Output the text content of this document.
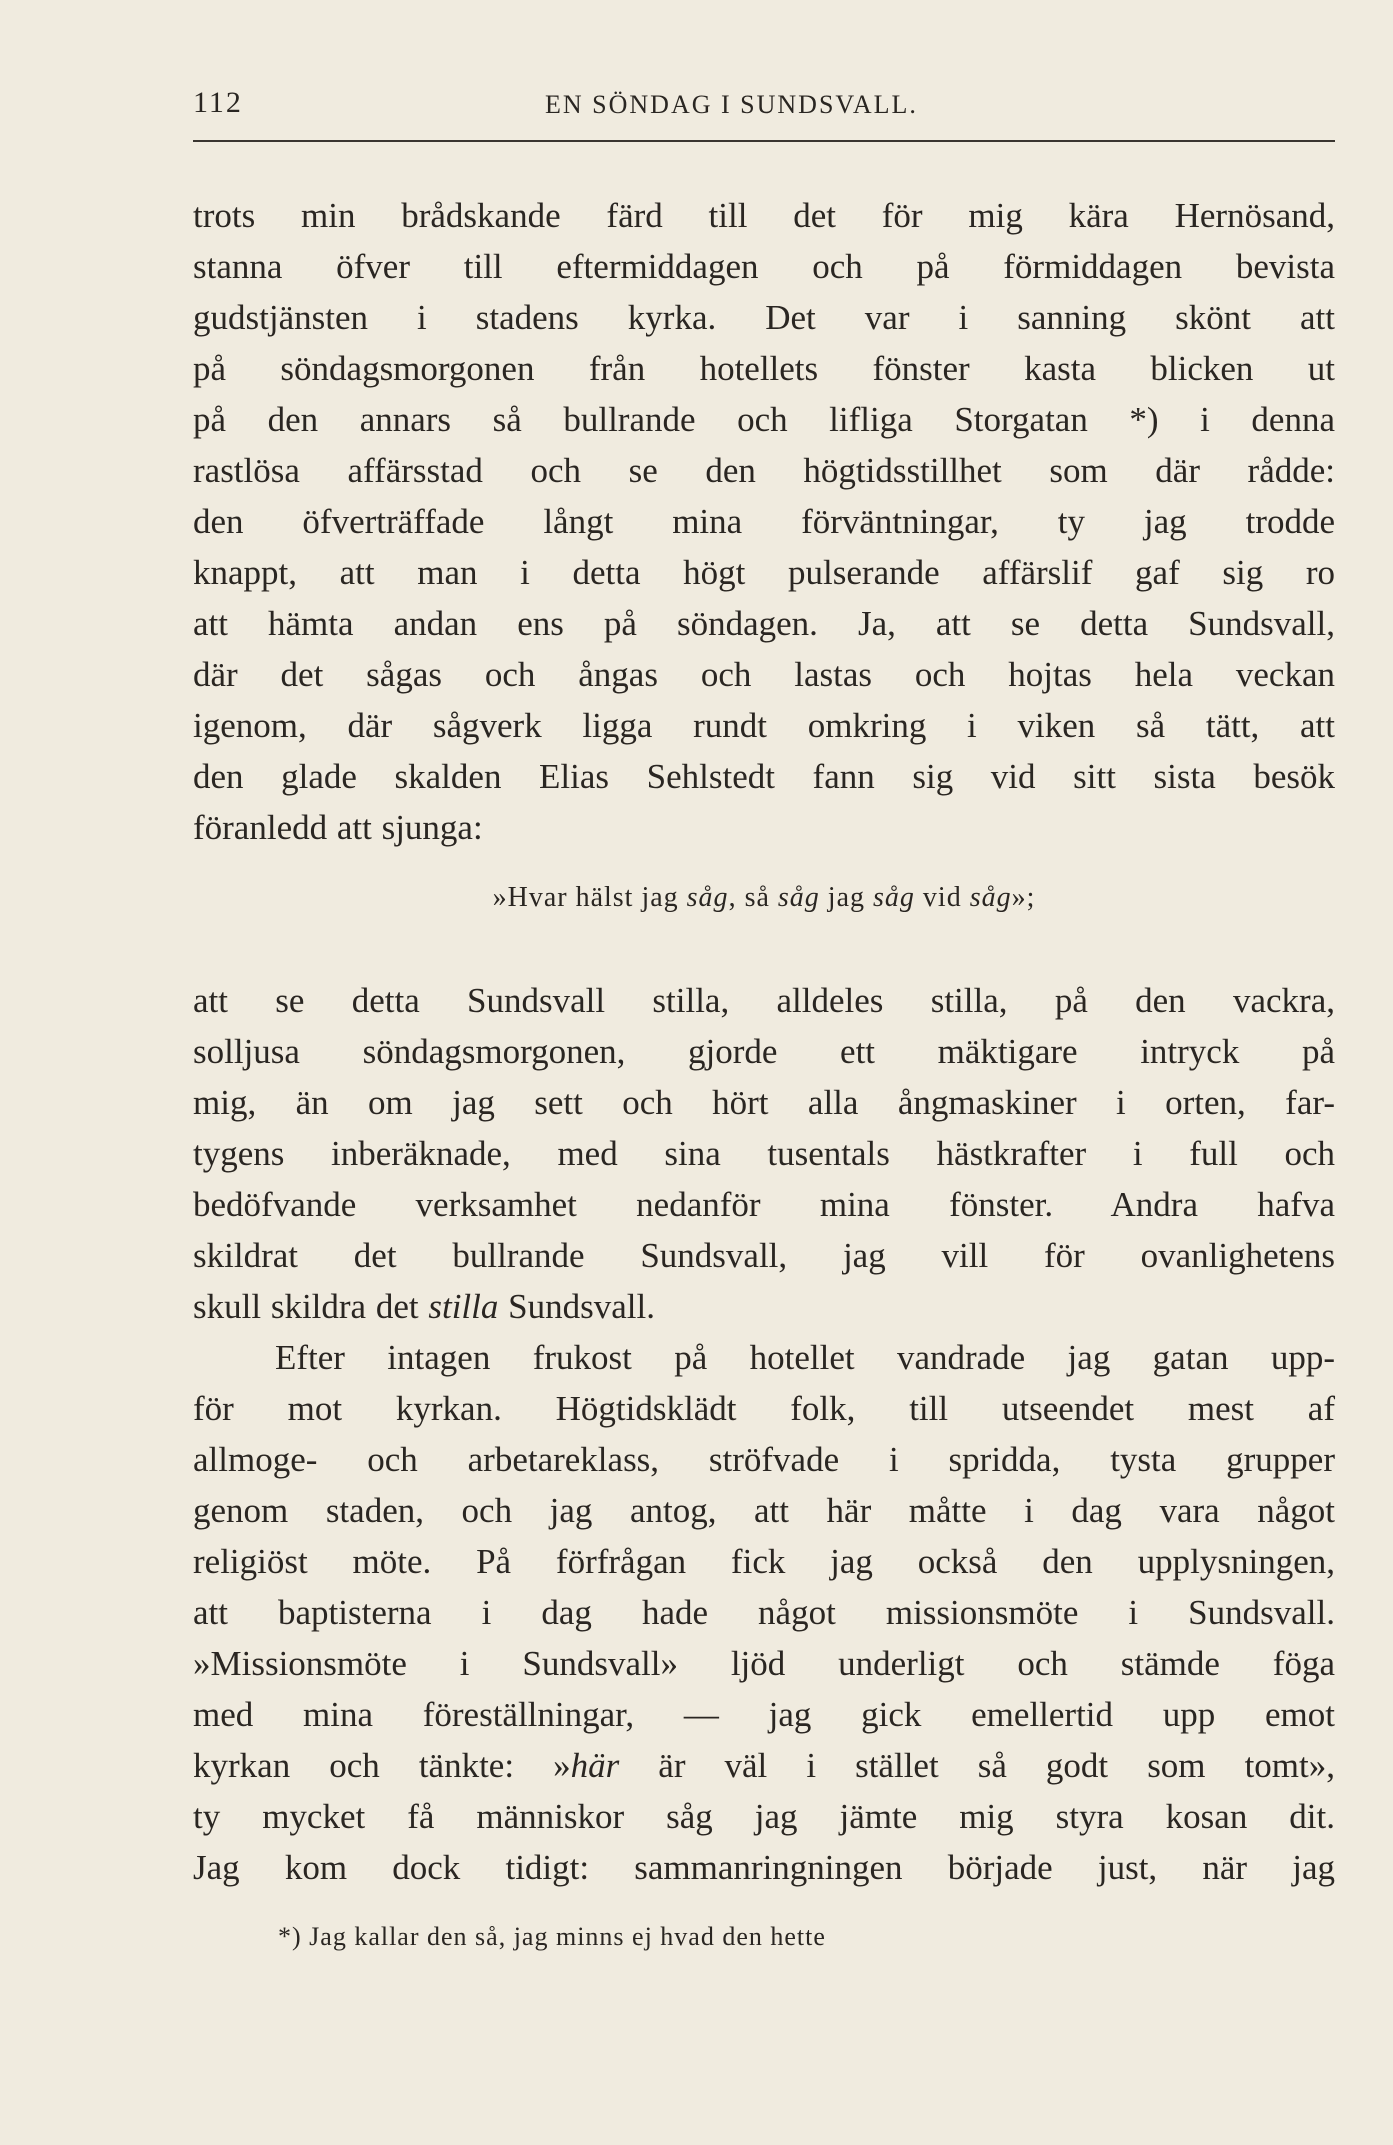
112	EN SÖNDAG I SUNDSVALL.
trots min brådskande färd till det för mig kära Hernösand,
stanna öfver till eftermiddagen och på förmiddagen bevista
gudstjänsten i stadens kyrka. Det var i sanning skönt att
på söndagsmorgonen från hotellets fönster kasta blicken ut
på den annars så bullrande och lifliga Storgatan *) i denna
rastlösa affärsstad och se den högtidsstillhet som där rådde:
den öfverträffade långt mina förväntningar, ty jag trodde
knappt, att man i detta högt pulserande affärslif gaf sig ro
att hämta andan ens på söndagen. Ja, att se detta Sundsvall,
där det sågas och ångas och lastas och hojtas hela veckan
igenom, där sågverk ligga rundt omkring i viken så tätt, att
den glade skalden Elias Sehlstedt fann sig vid sitt sista besök
föranledd att sjunga:
»Hvar hälst jag såg, så såg jag såg vid såg»;
att se detta Sundsvall stilla, alldeles stilla, på den vackra,
solljusa söndagsmorgonen, gjorde ett mäktigare intryck på
mig, än om jag sett och hört alla ångmaskiner i orten, far-
tygens inberäknade, med sina tusentals hästkrafter i full och
bedöfvande verksamhet nedanför mina fönster. Andra hafva
skildrat det bullrande Sundsvall, jag vill för ovanlighetens
skull skildra det stilla Sundsvall.
Efter intagen frukost på hotellet vandrade jag gatan upp-
för mot kyrkan. Högtidsklädt folk, till utseendet mest af
allmoge- och arbetareklass, ströfvade i spridda, tysta grupper
genom staden, och jag antog, att här måtte i dag vara något
religiöst möte. På förfrågan fick jag också den upplysningen,
att baptisterna i dag hade något missionsmöte i Sundsvall.
»Missionsmöte i Sundsvall» ljöd underligt och stämde föga
med mina föreställningar, — jag gick emellertid upp emot
kyrkan och tänkte: »här är väl i stället så godt som tomt»,
ty mycket få människor såg jag jämte mig styra kosan dit.
Jag kom dock tidigt: sammanringningen började just, när jag
*) Jag kallar den så, jag minns ej hvad den hette
